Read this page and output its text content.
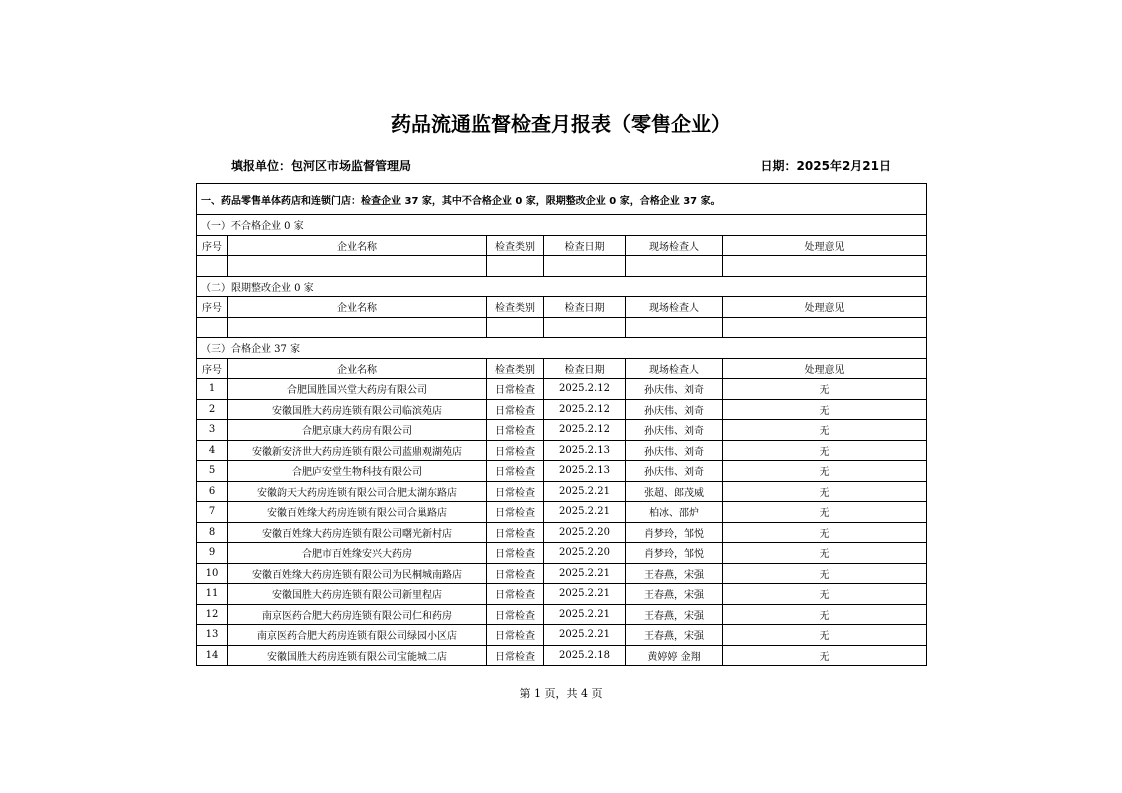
药品流通监督检查月报表（零售企业）
填报单位：包河区市场监督管理局	日期：2025年2月21日
一、药品零售单体药店和连锁门店：检查企业 37 家，其中不合格企业 0 家，限期整改企业 0 家，合格企业 37 家。					
（一）不合格企业 0 家					
序号	企业名称	检查类别	检查日期	现场检查人	处理意见

（二）限期整改企业 0 家					
序号	企业名称	检查类别	检查日期	现场检查人	处理意见

（三）合格企业 37 家					
序号	企业名称	检查类别	检查日期	现场检查人	处理意见
1	合肥国胜国兴堂大药房有限公司	日常检查	2025.2.12	孙庆伟、刘奇	无
2	安徽国胜大药房连锁有限公司临滨苑店	日常检查	2025.2.12	孙庆伟、刘奇	无
3	合肥京康大药房有限公司	日常检查	2025.2.12	孙庆伟、刘奇	无
4	安徽新安济世大药房连锁有限公司蓝鼎观湖苑店	日常检查	2025.2.13	孙庆伟、刘奇	无
5	合肥庐安堂生物科技有限公司	日常检查	2025.2.13	孙庆伟、刘奇	无
6	安徽韵天大药房连锁有限公司合肥太湖东路店	日常检查	2025.2.21	张超、郎茂威	无
7	安徽百姓缘大药房连锁有限公司合巢路店	日常检查	2025.2.21	柏冰、邵炉	无
8	安徽百姓缘大药房连锁有限公司曙光新村店	日常检查	2025.2.20	肖梦玲，邹悦	无
9	合肥市百姓缘安兴大药房	日常检查	2025.2.20	肖梦玲，邹悦	无
10	安徽百姓缘大药房连锁有限公司为民桐城南路店	日常检查	2025.2.21	王春燕，宋强	无
11	安徽国胜大药房连锁有限公司新里程店	日常检查	2025.2.21	王春燕，宋强	无
12	南京医药合肥大药房连锁有限公司仁和药房	日常检查	2025.2.21	王春燕，宋强	无
13	南京医药合肥大药房连锁有限公司绿园小区店	日常检查	2025.2.21	王春燕，宋强	无
14	安徽国胜大药房连锁有限公司宝能城二店	日常检查	2025.2.18	黄婷婷 金翔	无
第 1 页，共 4 页
